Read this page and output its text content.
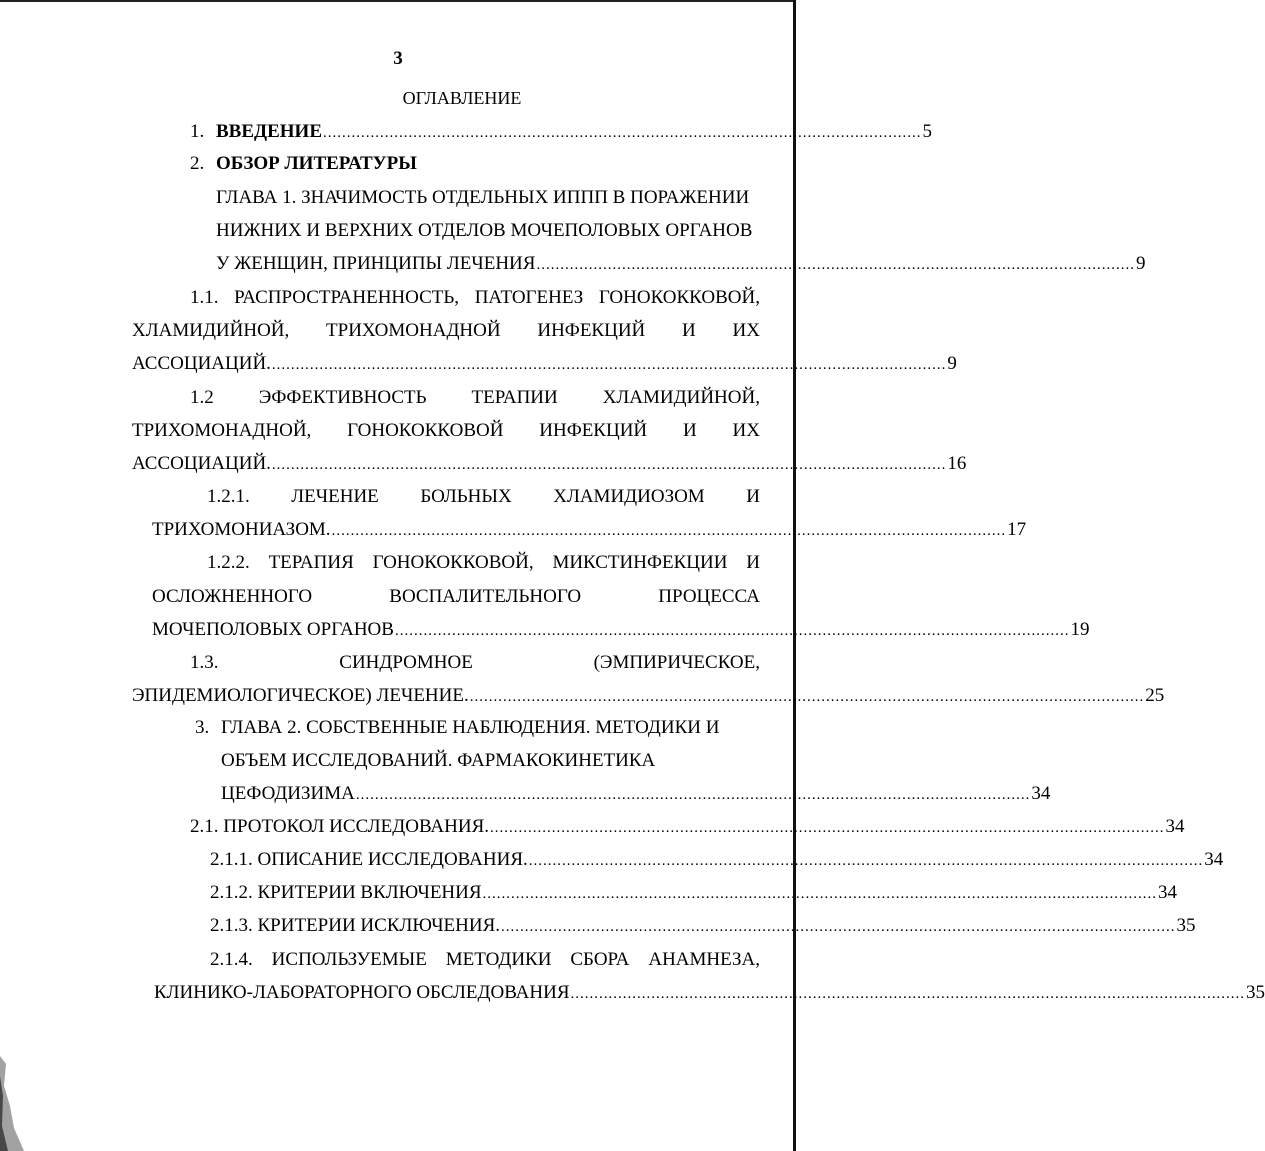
3
ОГЛАВЛЕНИЕ
1. ВВЕДЕНИЕ .............................................................................................................................. 5
2. ОБЗОР ЛИТЕРАТУРЫ
ГЛАВА 1. ЗНАЧИМОСТЬ ОТДЕЛЬНЫХ ИППП В ПОРАЖЕНИИ
НИЖНИХ И ВЕРХНИХ ОТДЕЛОВ МОЧЕПОЛОВЫХ ОРГАНОВ
У ЖЕНЩИН, ПРИНЦИПЫ ЛЕЧЕНИЯ .............................................................................................................................. 9
1.1. РАСПРОСТРАНЕННОСТЬ, ПАТОГЕНЕЗ ГОНОКОККОВОЙ,
ХЛАМИДИЙНОЙ, ТРИХОМОНАДНОЙ ИНФЕКЦИЙ И ИХ
АССОЦИАЦИЙ. .............................................................................................................................................. 9
1.2 ЭФФЕКТИВНОСТЬ ТЕРАПИИ ХЛАМИДИЙНОЙ,
ТРИХОМОНАДНОЙ, ГОНОКОККОВОЙ ИНФЕКЦИЙ И ИХ
АССОЦИАЦИЙ. .............................................................................................................................................. 16
1.2.1. ЛЕЧЕНИЕ БОЛЬНЫХ ХЛАМИДИОЗОМ И
ТРИХОМОНИАЗОМ. .............................................................................................................................................. 17
1.2.2. ТЕРАПИЯ ГОНОКОККОВОЙ, МИКСТИНФЕКЦИИ И
ОСЛОЖНЕННОГО	ВОСПАЛИТЕЛЬНОГО	ПРОЦЕССА
МОЧЕПОЛОВЫХ ОРГАНОВ .............................................................................................................................................. 19
1.3.	СИНДРОМНОЕ	(ЭМПИРИЧЕСКОЕ,
ЭПИДЕМИОЛОГИЧЕСКОЕ) ЛЕЧЕНИЕ. .............................................................................................................................................. 25
3. ГЛАВА 2. СОБСТВЕННЫЕ НАБЛЮДЕНИЯ. МЕТОДИКИ И
ОБЪЕМ ИССЛЕДОВАНИЙ. ФАРМАКОКИНЕТИКА
ЦЕФОДИЗИМА .............................................................................................................................................. 34
2.1. ПРОТОКОЛ ИССЛЕДОВАНИЯ. .............................................................................................................................................. 34
2.1.1. ОПИСАНИЕ ИССЛЕДОВАНИЯ. .............................................................................................................................................. 34
2.1.2. КРИТЕРИИ ВКЛЮЧЕНИЯ .............................................................................................................................................. 34
2.1.3. КРИТЕРИИ ИСКЛЮЧЕНИЯ. .............................................................................................................................................. 35
2.1.4. ИСПОЛЬЗУЕМЫЕ МЕТОДИКИ СБОРА АНАМНЕЗА,
КЛИНИКО-ЛАБОРАТОРНОГО ОБСЛЕДОВАНИЯ .............................................................................................................................................. 35
